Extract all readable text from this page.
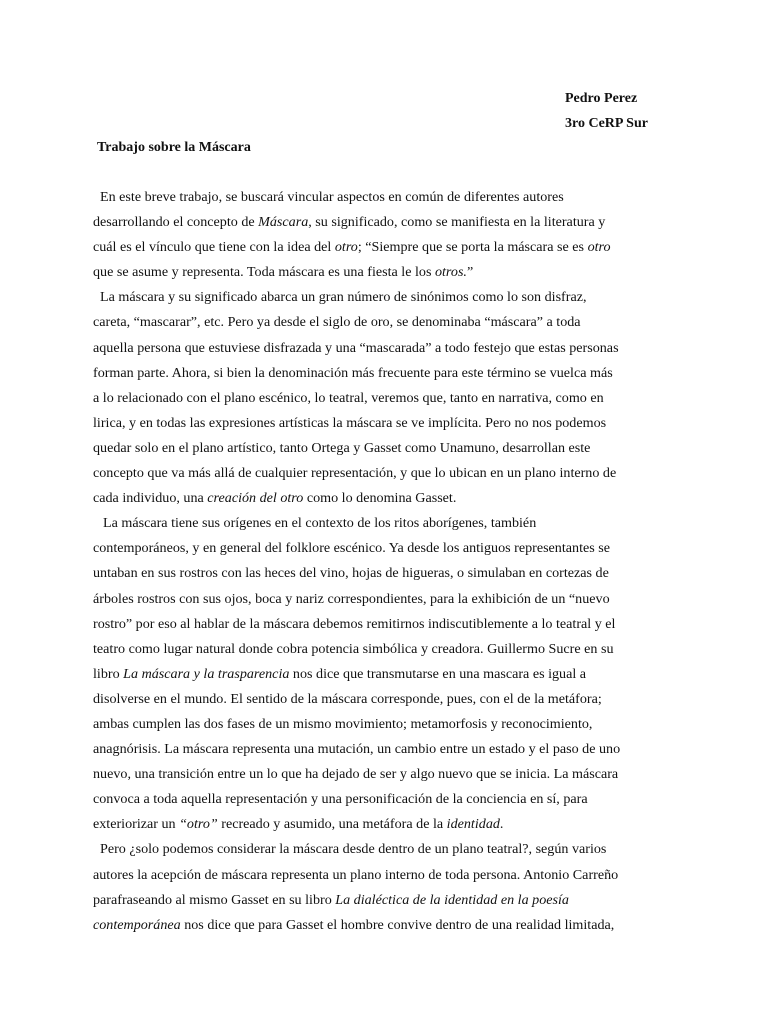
Pedro Perez
3ro CeRP Sur
Trabajo sobre la Máscara
En este breve trabajo, se buscará vincular aspectos en común de diferentes autores
desarrollando el concepto de Máscara, su significado, como se manifiesta en la literatura y
cuál es el vínculo que tiene con la idea del otro; “Siempre que se porta la máscara se es otro
que se asume y representa. Toda máscara es una fiesta le los otros.”
La máscara y su significado abarca un gran número de sinónimos como lo son disfraz,
careta, “mascarar”, etc. Pero ya desde el siglo de oro, se denominaba “máscara” a toda
aquella persona que estuviese disfrazada y una “mascarada” a todo festejo que estas personas
forman parte. Ahora, si bien la denominación más frecuente para este término se vuelca más
a lo relacionado con el plano escénico, lo teatral, veremos que, tanto en narrativa, como en
lirica, y en todas las expresiones artísticas la máscara se ve implícita. Pero no nos podemos
quedar solo en el plano artístico, tanto Ortega y Gasset como Unamuno, desarrollan este
concepto que va más allá de cualquier representación, y que lo ubican en un plano interno de
cada individuo, una creación del otro como lo denomina Gasset.
La máscara tiene sus orígenes en el contexto de los ritos aborígenes, también
contemporáneos, y en general del folklore escénico. Ya desde los antiguos representantes se
untaban en sus rostros con las heces del vino, hojas de higueras, o simulaban en cortezas de
árboles rostros con sus ojos, boca y nariz correspondientes, para la exhibición de un “nuevo
rostro” por eso al hablar de la máscara debemos remitirnos indiscutiblemente a lo teatral y el
teatro como lugar natural donde cobra potencia simbólica y creadora. Guillermo Sucre en su
libro La máscara y la trasparencia nos dice que transmutarse en una mascara es igual a
disolverse en el mundo. El sentido de la máscara corresponde, pues, con el de la metáfora;
ambas cumplen las dos fases de un mismo movimiento; metamorfosis y reconocimiento,
anagnórisis. La máscara representa una mutación, un cambio entre un estado y el paso de uno
nuevo, una transición entre un lo que ha dejado de ser y algo nuevo que se inicia. La máscara
convoca a toda aquella representación y una personificación de la conciencia en sí, para
exteriorizar un “otro” recreado y asumido, una metáfora de la identidad.
Pero ¿solo podemos considerar la máscara desde dentro de un plano teatral?, según varios
autores la acepción de máscara representa un plano interno de toda persona. Antonio Carreño
parafraseando al mismo Gasset en su libro La dialéctica de la identidad en la poesía
contemporánea nos dice que para Gasset el hombre convive dentro de una realidad limitada,
